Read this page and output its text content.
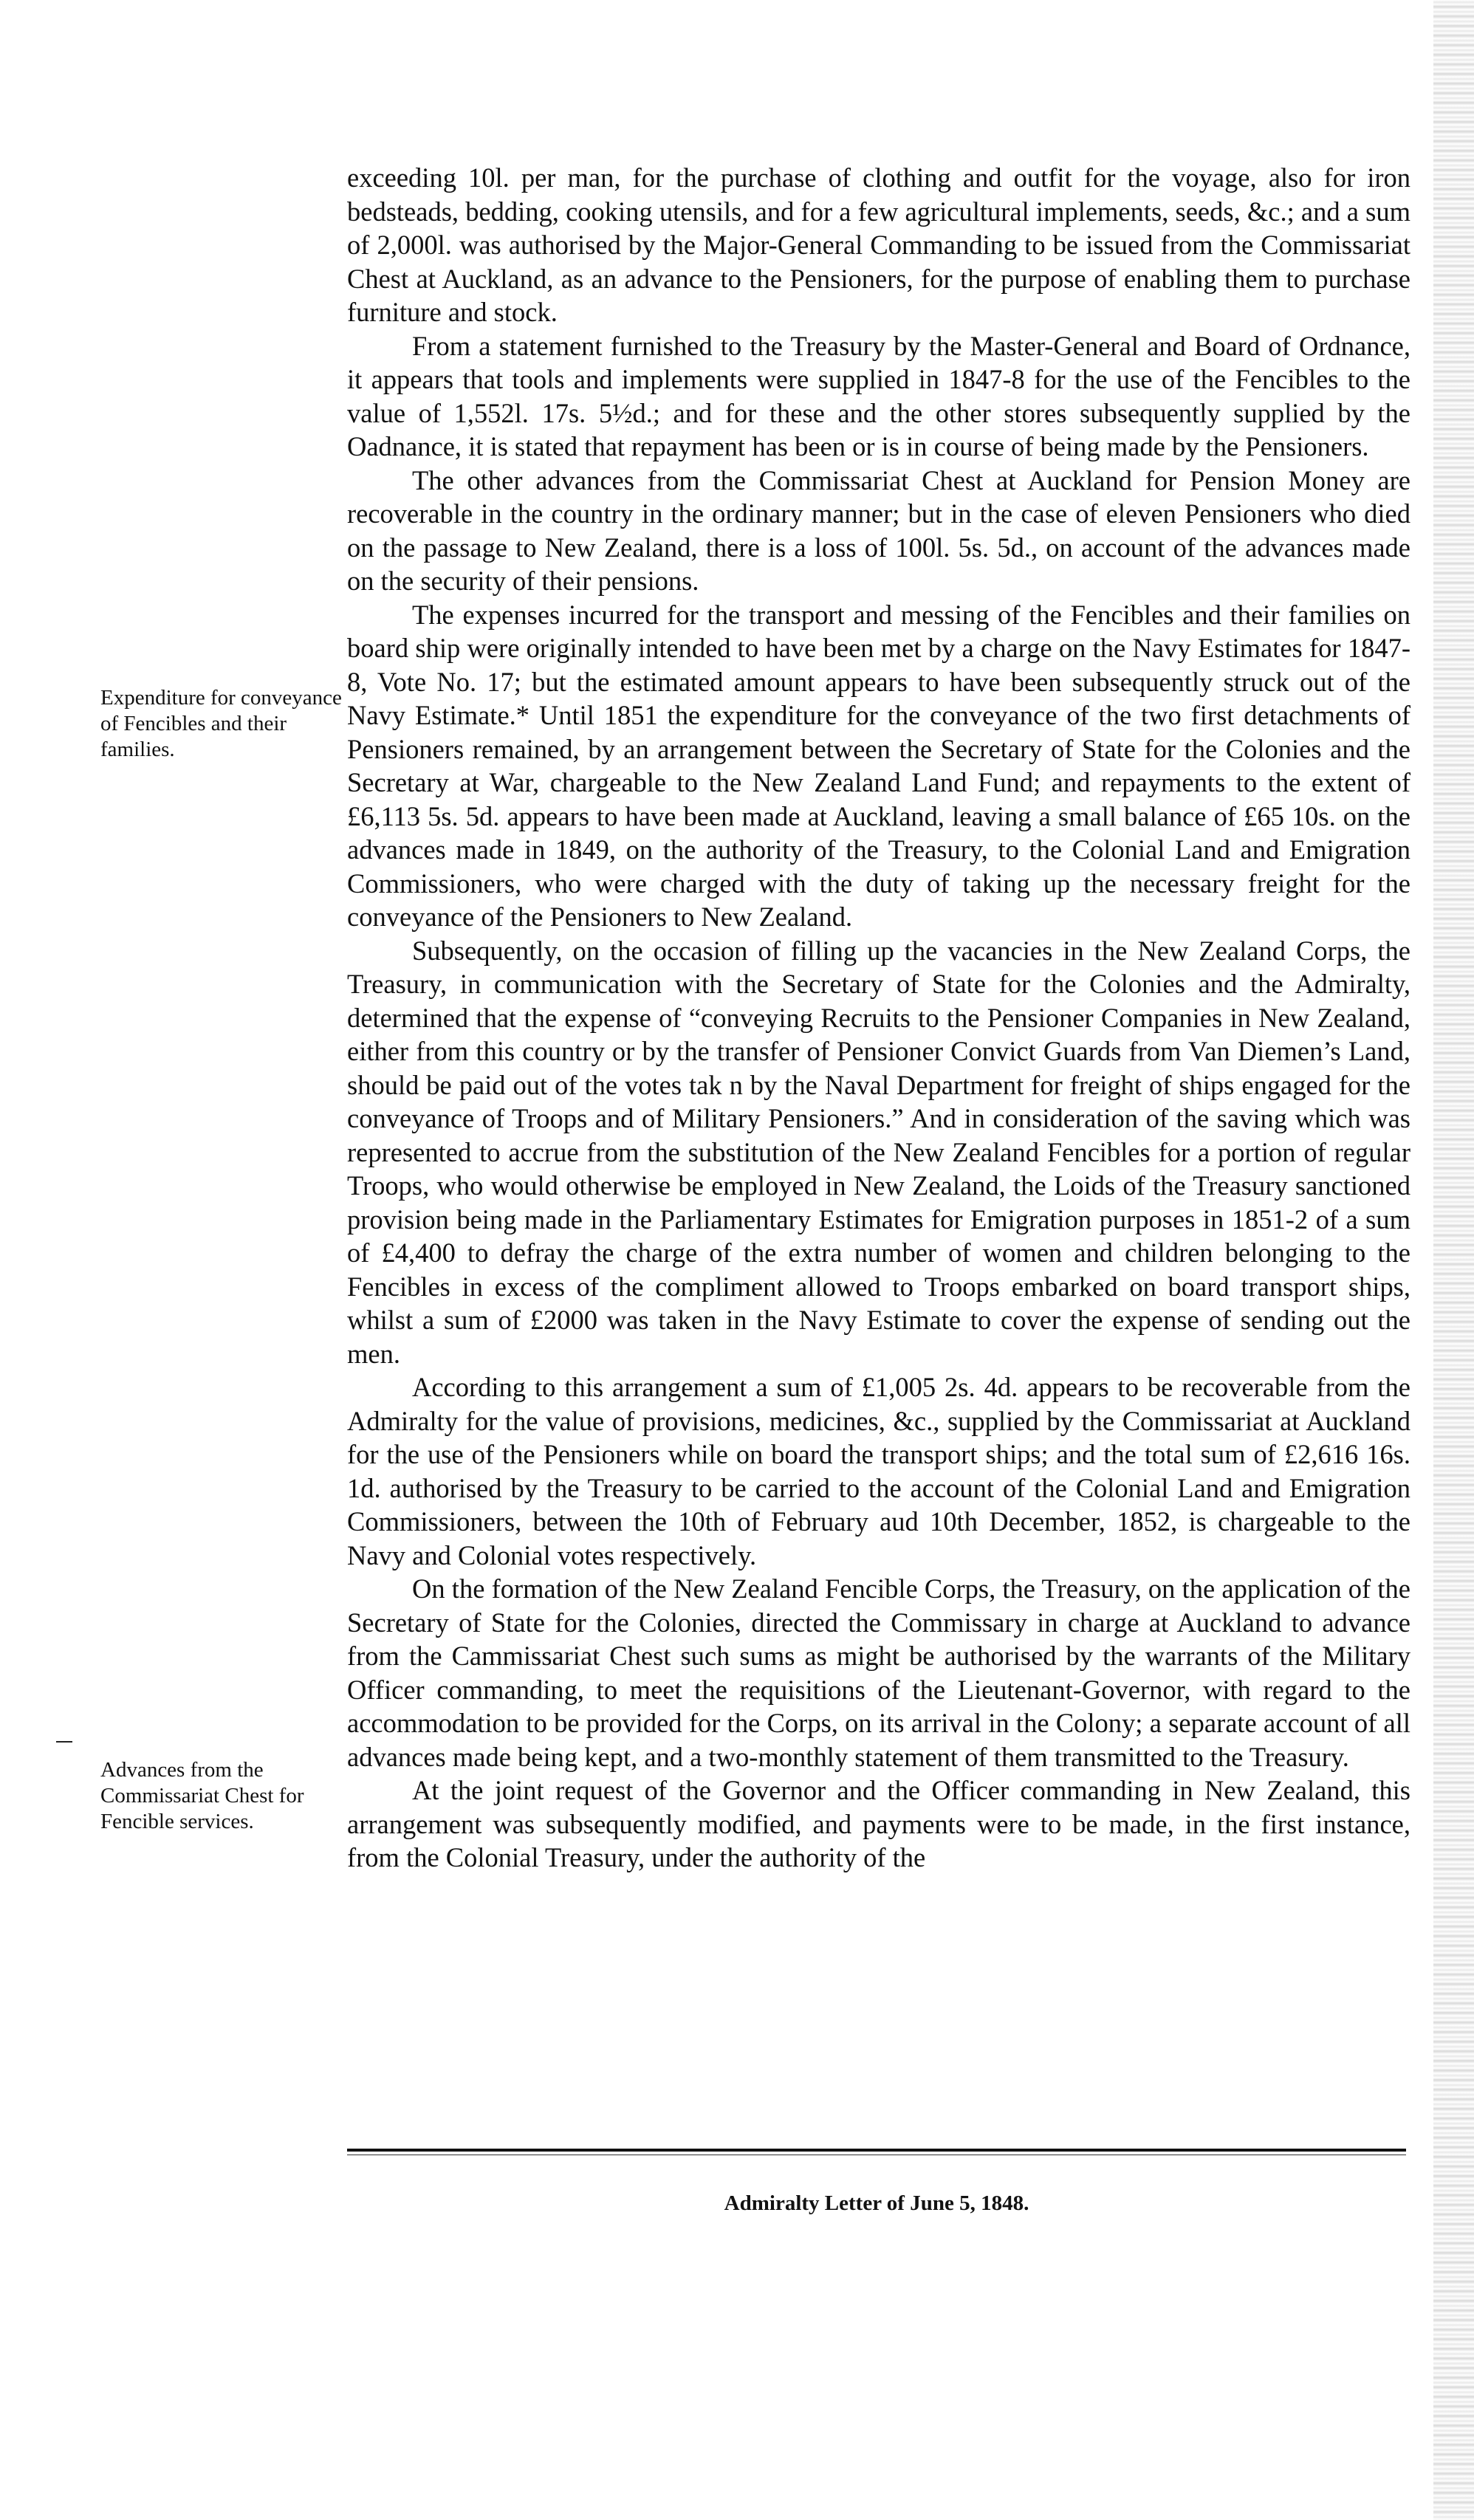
exceeding 10l. per man, for the purchase of clothing and outfit for the voyage, also for iron bedsteads, bedding, cooking utensils, and for a few agricultural implements, seeds, &c.; and a sum of 2,000l. was authorised by the Major-General Commanding to be issued from the Commissariat Chest at Auckland, as an advance to the Pensioners, for the purpose of enabling them to purchase furniture and stock.

From a statement furnished to the Treasury by the Master-General and Board of Ordnance, it appears that tools and implements were supplied in 1847-8 for the use of the Fencibles to the value of 1,552l. 17s. 5½d.; and for these and the other stores subsequently supplied by the Oadnance, it is stated that repayment has been or is in course of being made by the Pensioners.

The other advances from the Commissariat Chest at Auckland for Pension Money are recoverable in the country in the ordinary manner; but in the case of eleven Pensioners who died on the passage to New Zealand, there is a loss of 100l. 5s. 5d., on account of the advances made on the security of their pensions.

The expenses incurred for the transport and messing of the Fencibles and their families on board ship were originally intended to have been met by a charge on the Navy Estimates for 1847-8, Vote No. 17; but the estimated amount appears to have been subsequently struck out of the Navy Estimate.* Until 1851 the expenditure for the conveyance of the two first detachments of Pensioners remained, by an arrangement between the Secretary of State for the Colonies and the Secretary at War, chargeable to the New Zealand Land Fund; and repayments to the extent of £6,113 5s. 5d. appears to have been made at Auckland, leaving a small balance of £65 10s. on the advances made in 1849, on the authority of the Treasury, to the Colonial Land and Emigration Commissioners, who were charged with the duty of taking up the necessary freight for the conveyance of the Pensioners to New Zealand.

Subsequently, on the occasion of filling up the vacancies in the New Zealand Corps, the Treasury, in communication with the Secretary of State for the Colonies and the Admiralty, determined that the expense of “conveying Recruits to the Pensioner Companies in New Zealand, either from this country or by the transfer of Pensioner Convict Guards from Van Diemen’s Land, should be paid out of the votes tak n by the Naval Department for freight of ships engaged for the conveyance of Troops and of Military Pensioners.” And in consideration of the saving which was represented to accrue from the substitution of the New Zealand Fencibles for a portion of regular Troops, who would otherwise be employed in New Zealand, the Loids of the Treasury sanctioned provision being made in the Parliamentary Estimates for Emigration purposes in 1851-2 of a sum of £4,400 to defray the charge of the extra number of women and children belonging to the Fencibles in excess of the compliment allowed to Troops embarked on board transport ships, whilst a sum of £2000 was taken in the Navy Estimate to cover the expense of sending out the men.

According to this arrangement a sum of £1,005 2s. 4d. appears to be recoverable from the Admiralty for the value of provisions, medicines, &c., supplied by the Commissariat at Auckland for the use of the Pensioners while on board the transport ships; and the total sum of £2,616 16s. 1d. authorised by the Treasury to be carried to the account of the Colonial Land and Emigration Commissioners, between the 10th of February aud 10th December, 1852, is chargeable to the Navy and Colonial votes respectively.

On the formation of the New Zealand Fencible Corps, the Treasury, on the application of the Secretary of State for the Colonies, directed the Commissary in charge at Auckland to advance from the Cammissariat Chest such sums as might be authorised by the warrants of the Military Officer commanding, to meet the requisitions of the Lieutenant-Governor, with regard to the accommodation to be provided for the Corps, on its arrival in the Colony; a separate account of all advances made being kept, and a two-monthly statement of them transmitted to the Treasury.

At the joint request of the Governor and the Officer commanding in New Zealand, this arrangement was subsequently modified, and payments were to be made, in the first instance, from the Colonial Treasury, under the authority of the

Expenditure for conveyance of Fencibles and their families.
Advances from the Commissariat Chest for Fencible services.
Admiralty Letter of June 5, 1848.
